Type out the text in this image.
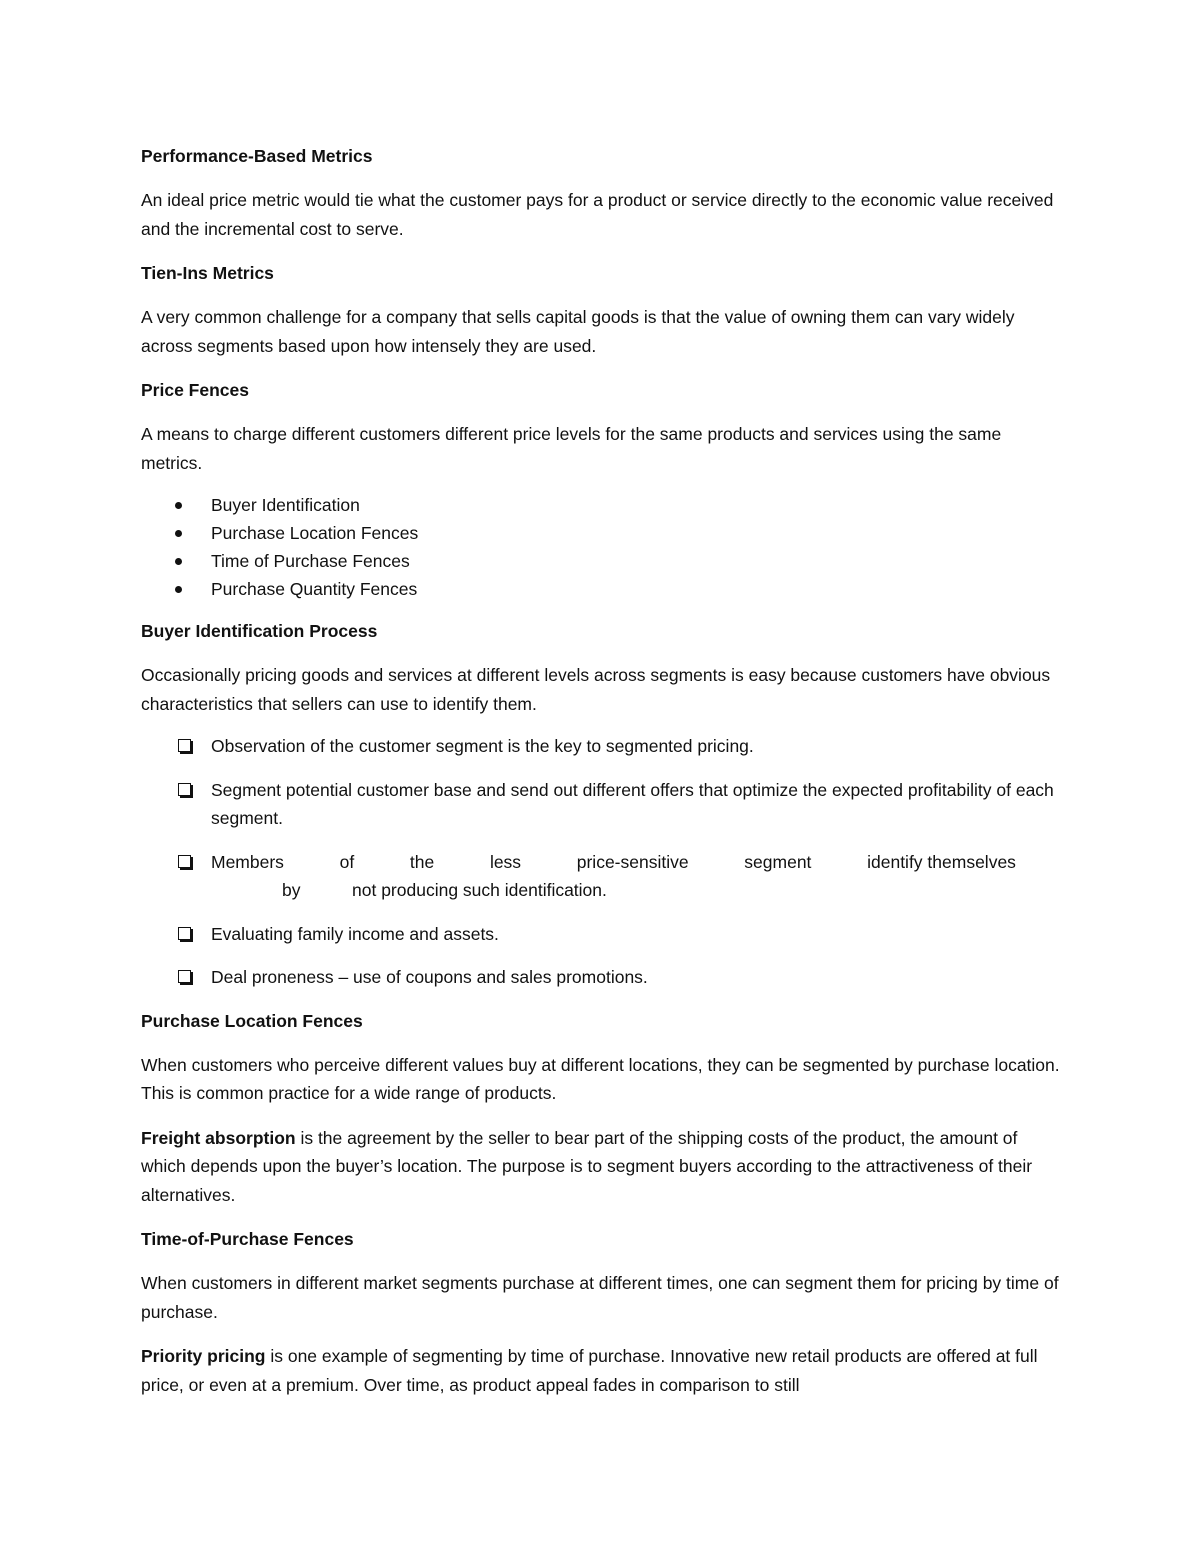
Performance-Based Metrics
An ideal price metric would tie what the customer pays for a product or service directly to the economic value received and the incremental cost to serve.
Tien-Ins Metrics
A very common challenge for a company that sells capital goods is that the value of owning them can vary widely across segments based upon how intensely they are used.
Price Fences
A means to charge different customers different price levels for the same products and services using the same metrics.
Buyer Identification
Purchase Location Fences
Time of Purchase Fences
Purchase Quantity Fences
Buyer Identification Process
Occasionally pricing goods and services at different levels across segments is easy because customers have obvious characteristics that sellers can use to identify them.
Observation of the customer segment is the key to segmented pricing.
Segment potential customer base and send out different offers that optimize the expected profitability of each segment.
Members	of	the	less	price-sensitive	segment	identify themselves
by	not producing such identification.
Evaluating family income and assets.
Deal proneness – use of coupons and sales promotions.
Purchase Location Fences
When customers who perceive different values buy at different locations, they can be segmented by purchase location. This is common practice for a wide range of products.
Freight absorption is the agreement by the seller to bear part of the shipping costs of the product, the amount of which depends upon the buyer’s location. The purpose is to segment buyers according to the attractiveness of their alternatives.
Time-of-Purchase Fences
When customers in different market segments purchase at different times, one can segment them for pricing by time of purchase.
Priority pricing is one example of segmenting by time of purchase. Innovative new retail products are offered at full price, or even at a premium. Over time, as product appeal fades in comparison to still
